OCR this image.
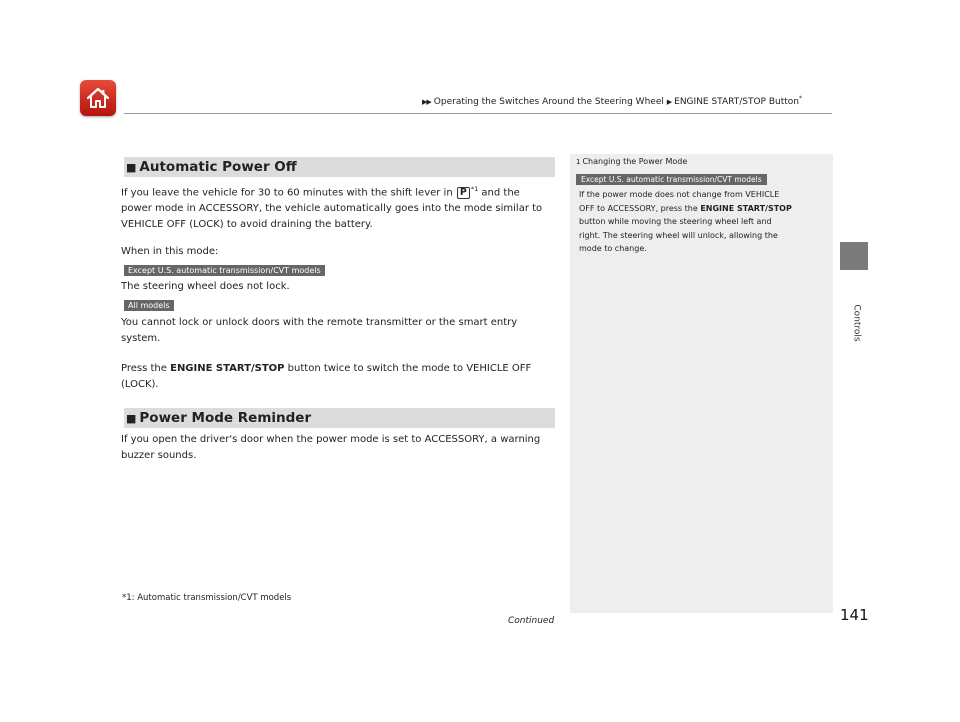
▶▶ Operating the Switches Around the Steering Wheel ▶ ENGINE START/STOP Button*
Controls
■ Automatic Power Off
If you leave the vehicle for 30 to 60 minutes with the shift lever in P $^{*1}$ and the
power mode in ACCESSORY, the vehicle automatically goes into the mode similar to
VEHICLE OFF (LOCK) to avoid draining the battery.
When in this mode:
Except U.S. automatic transmission/CVT models
The steering wheel does not lock.
All models
You cannot lock or unlock doors with the remote transmitter or the smart entry
system.
Press the ENGINE START/STOP button twice to switch the mode to VEHICLE OFF
(LOCK).
■ Power Mode Reminder
If you open the driver's door when the power mode is set to ACCESSORY, a warning
buzzer sounds.
*1: Automatic transmission/CVT models
Continued	141
1 Changing the Power Mode
Except U.S. automatic transmission/CVT models
If the power mode does not change from VEHICLE
OFF to ACCESSORY, press the ENGINE START/STOP
button while moving the steering wheel left and
right. The steering wheel will unlock, allowing the
mode to change.
